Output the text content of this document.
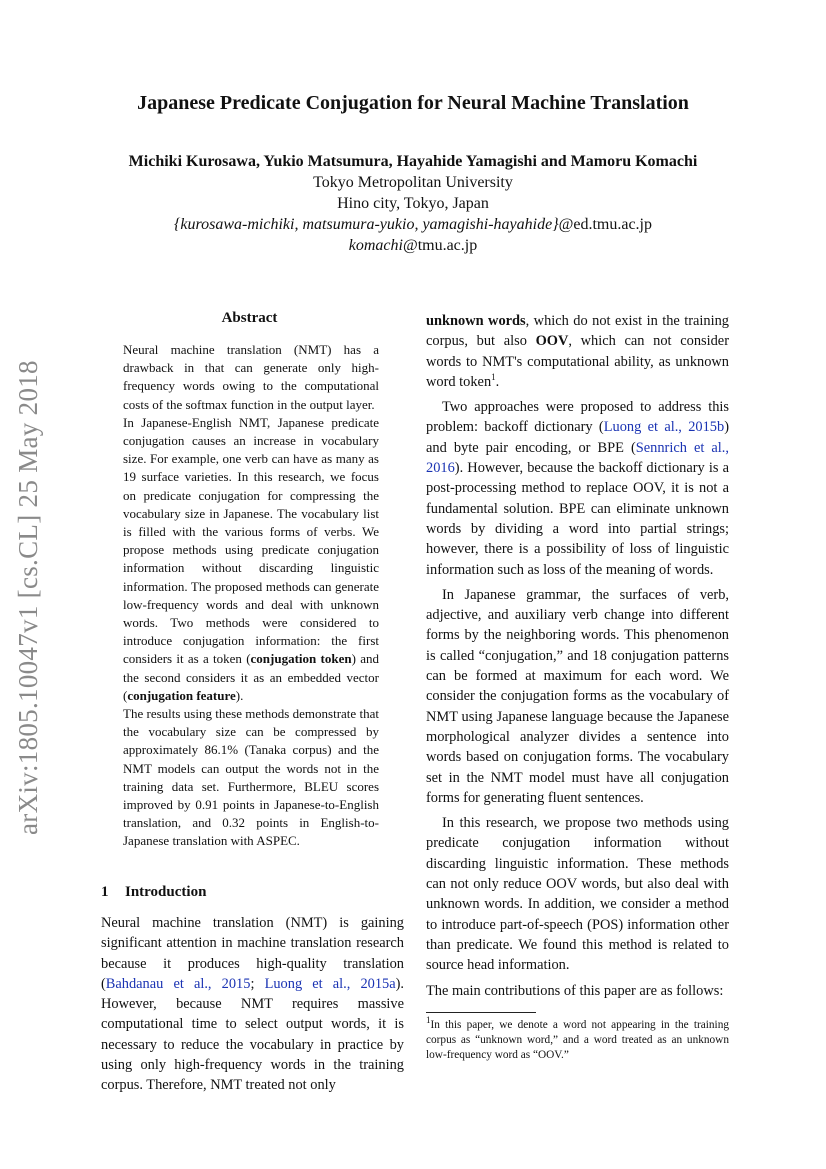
arXiv:1805.10047v1 [cs.CL] 25 May 2018
Japanese Predicate Conjugation for Neural Machine Translation
Michiki Kurosawa, Yukio Matsumura, Hayahide Yamagishi and Mamoru Komachi
Tokyo Metropolitan University
Hino city, Tokyo, Japan
{kurosawa-michiki, matsumura-yukio, yamagishi-hayahide}@ed.tmu.ac.jp
komachi@tmu.ac.jp
Abstract

Neural machine translation (NMT) has a drawback in that can generate only high-frequency words owing to the computational costs of the softmax function in the output layer.

In Japanese-English NMT, Japanese predicate conjugation causes an increase in vocabulary size. For example, one verb can have as many as 19 surface varieties. In this research, we focus on predicate conjugation for compressing the vocabulary size in Japanese. The vocabulary list is filled with the various forms of verbs. We propose methods using predicate conjugation information without discarding linguistic information. The proposed methods can generate low-frequency words and deal with unknown words. Two methods were considered to introduce conjugation information: the first considers it as a token (conjugation token) and the second considers it as an embedded vector (conjugation feature).

The results using these methods demonstrate that the vocabulary size can be compressed by approximately 86.1% (Tanaka corpus) and the NMT models can output the words not in the training data set. Furthermore, BLEU scores improved by 0.91 points in Japanese-to-English translation, and 0.32 points in English-to-Japanese translation with ASPEC.

1 Introduction
Neural machine translation (NMT) is gaining significant attention in machine translation research because it produces high-quality translation (Bahdanau et al., 2015; Luong et al., 2015a). However, because NMT requires massive computational time to select output words, it is necessary to reduce the vocabulary in practice by using only high-frequency words in the training corpus. Therefore, NMT treated not only

unknown words, which do not exist in the training corpus, but also OOV, which can not consider words to NMT's computational ability, as unknown word token$^1$.

Two approaches were proposed to address this problem: backoff dictionary (Luong et al., 2015b) and byte pair encoding, or BPE (Sennrich et al., 2016). However, because the backoff dictionary is a post-processing method to replace OOV, it is not a fundamental solution. BPE can eliminate unknown words by dividing a word into partial strings; however, there is a possibility of loss of linguistic information such as loss of the meaning of words.

In Japanese grammar, the surfaces of verb, adjective, and auxiliary verb change into different forms by the neighboring words. This phenomenon is called “conjugation,” and 18 conjugation patterns can be formed at maximum for each word. We consider the conjugation forms as the vocabulary of NMT using Japanese language because the Japanese morphological analyzer divides a sentence into words based on conjugation forms. The vocabulary set in the NMT model must have all conjugation forms for generating fluent sentences.

In this research, we propose two methods using predicate conjugation information without discarding linguistic information. These methods can not only reduce OOV words, but also deal with unknown words. In addition, we consider a method to introduce part-of-speech (POS) information other than predicate. We found this method is related to source head information.

The main contributions of this paper are as follows:

$^1$In this paper, we denote a word not appearing in the training corpus as “unknown word,” and a word treated as an unknown low-frequency word as “OOV.”
